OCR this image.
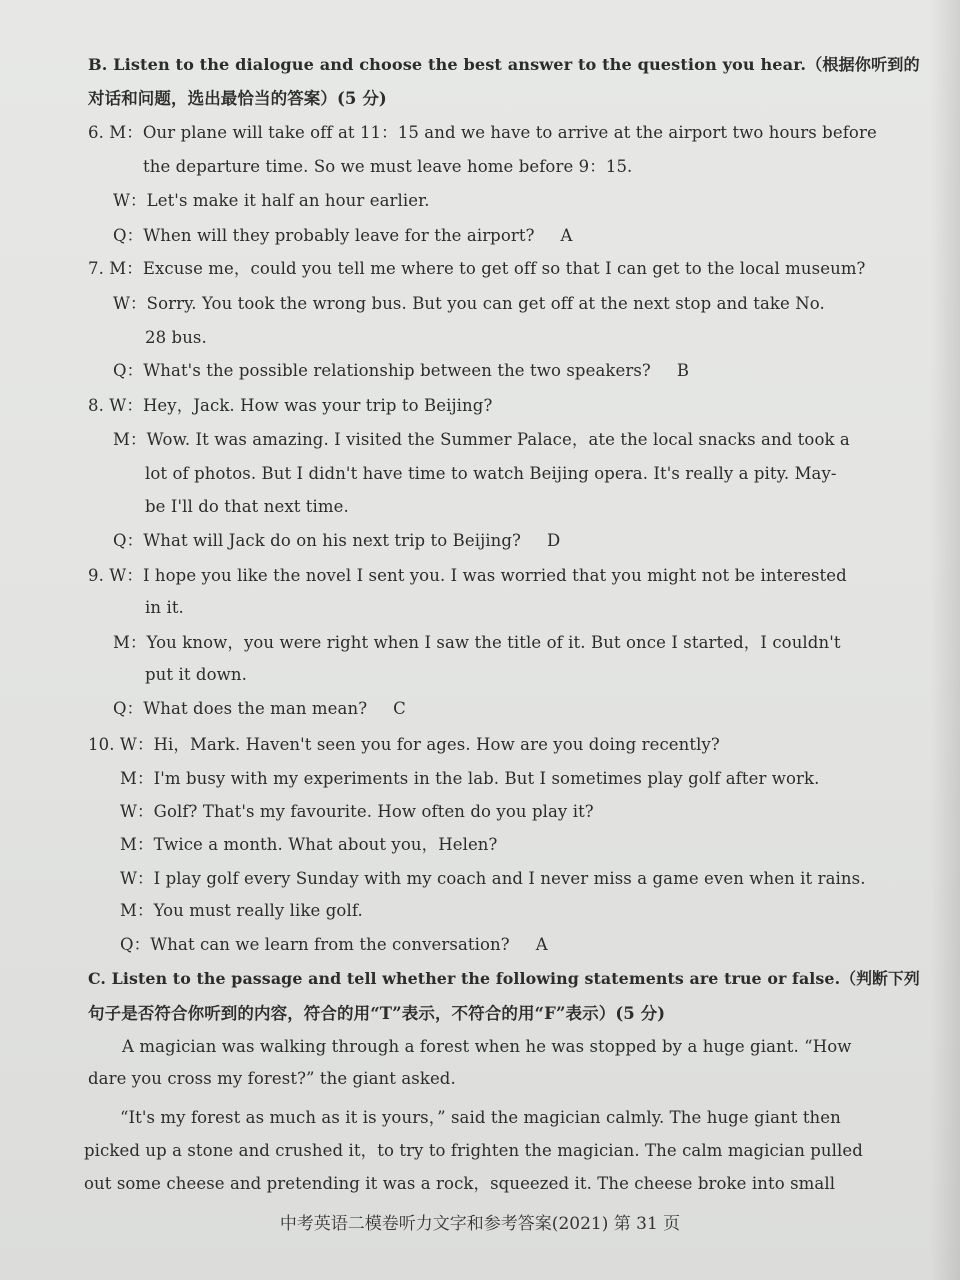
B. Listen to the dialogue and choose the best answer to the question you hear.（根据你听到的
对话和问题，选出最恰当的答案）(5 分)
6. M：Our plane will take off at 11：15 and we have to arrive at the airport two hours before
the departure time. So we must leave home before 9：15.
W：Let's make it half an hour earlier.
Q：When will they probably leave for the airport? A
7. M：Excuse me，could you tell me where to get off so that I can get to the local museum?
W：Sorry. You took the wrong bus. But you can get off at the next stop and take No.
28 bus.
Q：What's the possible relationship between the two speakers? B
8. W：Hey，Jack. How was your trip to Beijing?
M：Wow. It was amazing. I visited the Summer Palace，ate the local snacks and took a
lot of photos. But I didn't have time to watch Beijing opera. It's really a pity. May-
be I'll do that next time.
Q：What will Jack do on his next trip to Beijing? D
9. W：I hope you like the novel I sent you. I was worried that you might not be interested
in it.
M：You know，you were right when I saw the title of it. But once I started，I couldn't
put it down.
Q：What does the man mean? C
10. W：Hi，Mark. Haven't seen you for ages. How are you doing recently?
M：I'm busy with my experiments in the lab. But I sometimes play golf after work.
W：Golf? That's my favourite. How often do you play it?
M：Twice a month. What about you，Helen?
W：I play golf every Sunday with my coach and I never miss a game even when it rains.
M：You must really like golf.
Q：What can we learn from the conversation? A
C. Listen to the passage and tell whether the following statements are true or false.（判断下列
句子是否符合你听到的内容，符合的用“T”表示，不符合的用“F”表示）(5 分)
A magician was walking through a forest when he was stopped by a huge giant. “How
dare you cross my forest?” the giant asked.
“It's my forest as much as it is yours，” said the magician calmly. The huge giant then
picked up a stone and crushed it，to try to frighten the magician. The calm magician pulled
out some cheese and pretending it was a rock，squeezed it. The cheese broke into small
中考英语二模卷听力文字和参考答案(2021) 第 31 页
